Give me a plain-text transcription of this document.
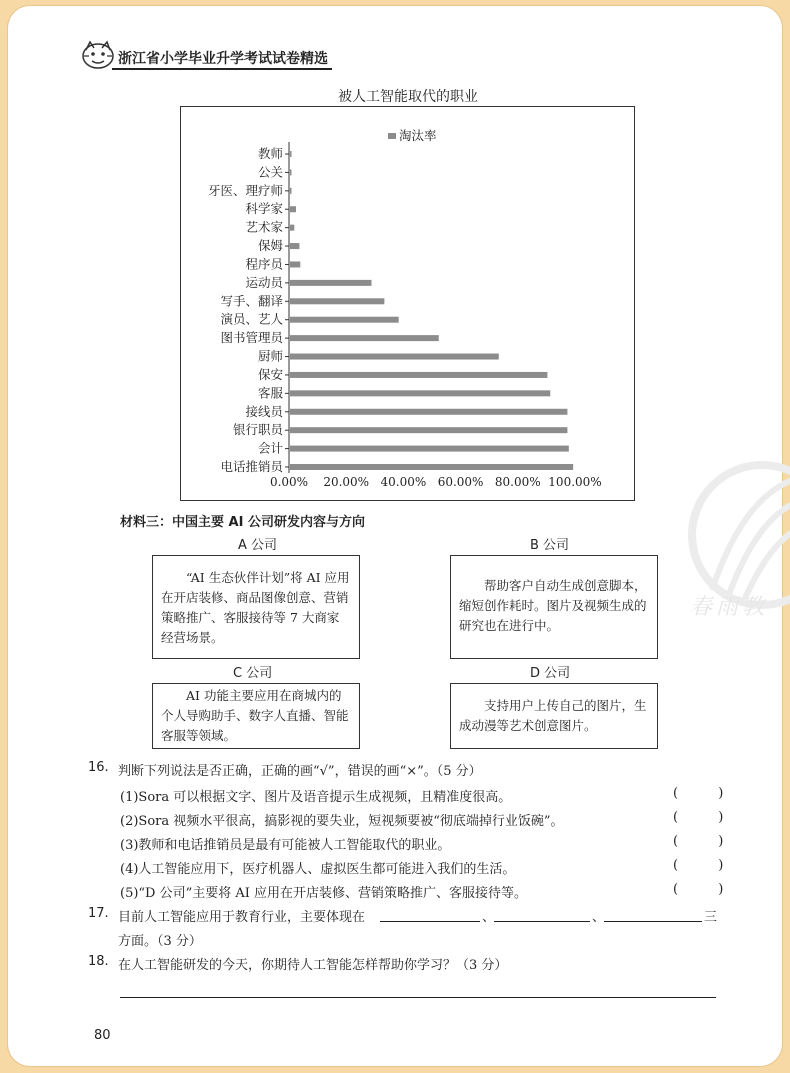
春雨教
浙江省小学毕业升学考试试卷精选
被人工智能取代的职业
教师
公关
牙医、理疗师
科学家
艺术家
保姆
程序员
运动员
写手、翻译
演员、艺人
图书管理员
厨师
保安
客服
接线员
银行职员
会计
电话推销员
0.00% 20.00% 40.00% 60.00% 80.00% 100.00%
淘汰率
材料三：中国主要 AI 公司研发内容与方向
A 公司
“AI 生态伙伴计划”将 AI 应用在开店装修、商品图像创意、营销策略推广、客服接待等 7 大商家经营场景。
B 公司
帮助客户自动生成创意脚本，缩短创作耗时。图片及视频生成的研究也在进行中。
C 公司
AI 功能主要应用在商城内的个人导购助手、数字人直播、智能客服等领域。
D 公司
支持用户上传自己的图片，生成动漫等艺术创意图片。
16. 判断下列说法是否正确，正确的画“√”，错误的画“×”。（5 分）
(1)Sora 可以根据文字、图片及语音提示生成视频，且精准度很高。	( )
(2)Sora 视频水平很高，搞影视的要失业，短视频要被“彻底端掉行业饭碗”。	( )
(3)教师和电话推销员是最有可能被人工智能取代的职业。	( )
(4)人工智能应用下，医疗机器人、虚拟医生都可能进入我们的生活。	( )
(5)“D 公司”主要将 AI 应用在开店装修、营销策略推广、客服接待等。	( )
17. 目前人工智能应用于教育行业，主要体现在	、	、	三
方面。（3 分）
18. 在人工智能研发的今天，你期待人工智能怎样帮助你学习？（3 分）
80
